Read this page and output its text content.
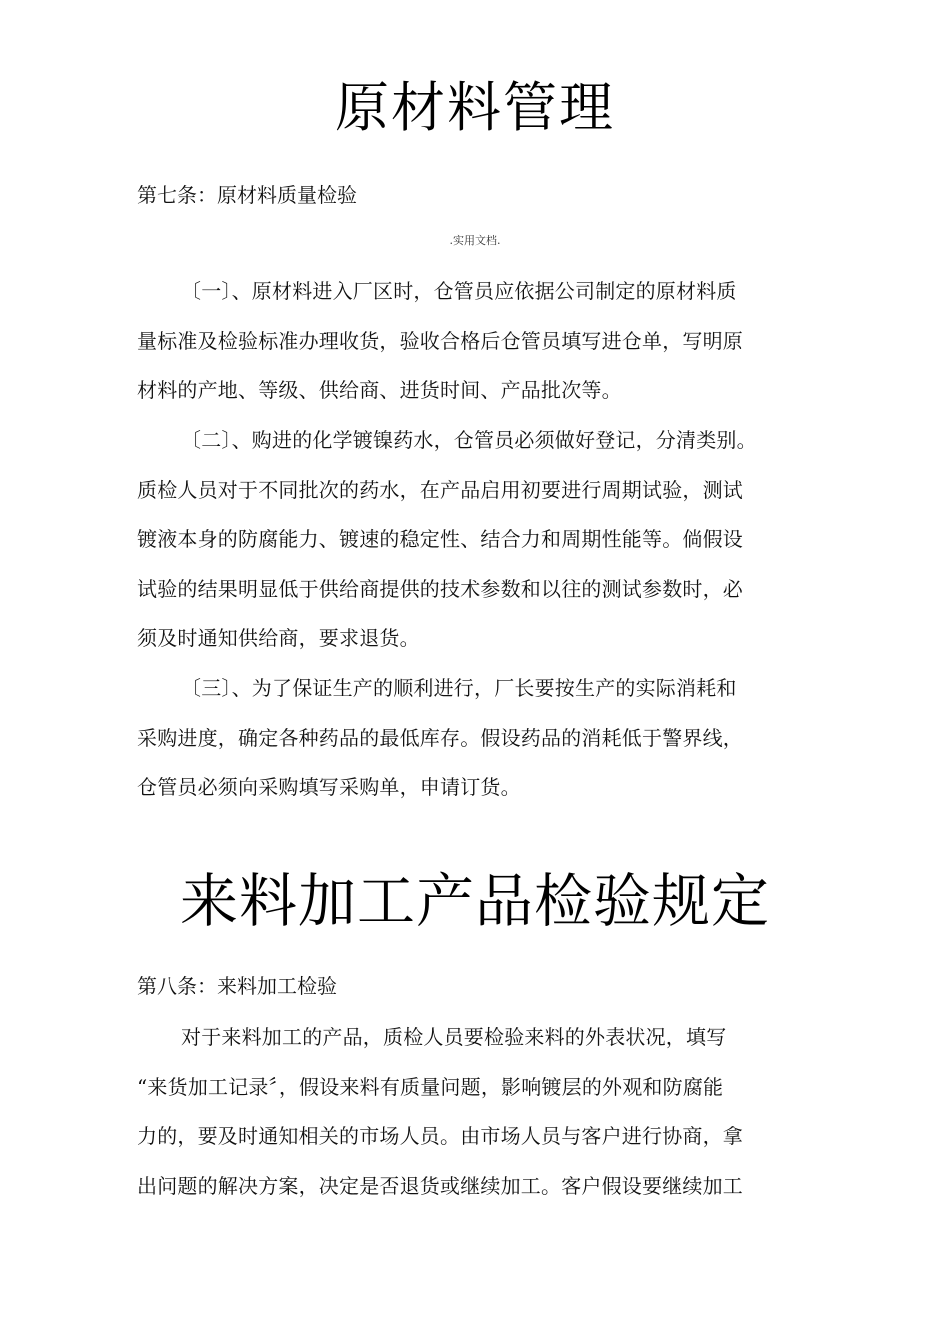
原材料管理

第七条：原材料质量检验

.实用文档.

〔一〕、原材料进入厂区时，仓管员应依据公司制定的原材料质
量标准及检验标准办理收货，验收合格后仓管员填写进仓单，写明原
材料的产地、等级、供给商、进货时间、产品批次等。

〔二〕、购进的化学镀镍药水，仓管员必须做好登记，分清类别。
质检人员对于不同批次的药水，在产品启用初要进行周期试验，测试
镀液本身的防腐能力、镀速的稳定性、结合力和周期性能等。倘假设
试验的结果明显低于供给商提供的技术参数和以往的测试参数时，必
须及时通知供给商，要求退货。

〔三〕、为了保证生产的顺利进行，厂长要按生产的实际消耗和
采购进度，确定各种药品的最低库存。假设药品的消耗低于警界线，
仓管员必须向采购填写采购单，申请订货。

来料加工产品检验规定

第八条：来料加工检验

对于来料加工的产品，质检人员要检验来料的外表状况，填写
“来货加工记录〞，假设来料有质量问题，影响镀层的外观和防腐能
力的，要及时通知相关的市场人员。由市场人员与客户进行协商，拿
出问题的解决方案，决定是否退货或继续加工。客户假设要继续加工
